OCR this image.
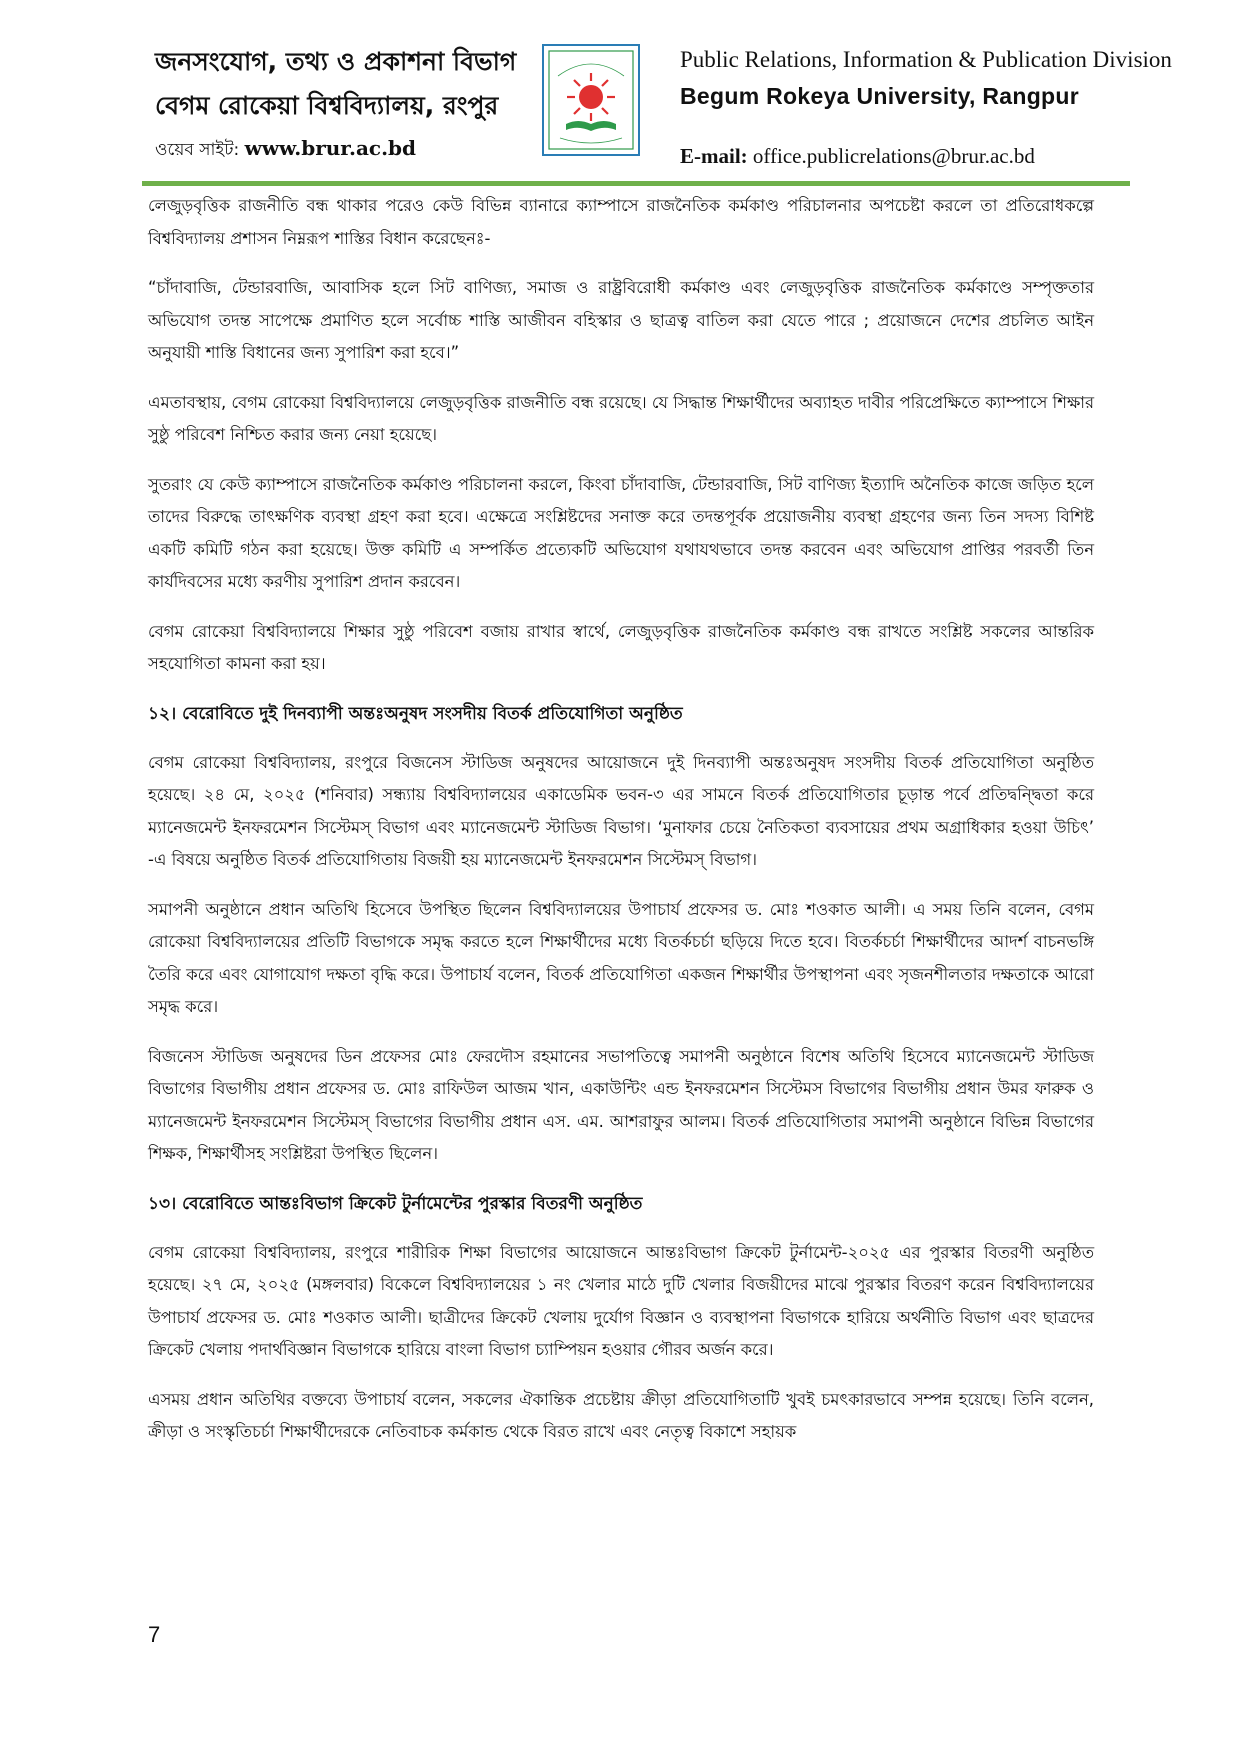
জনসংযোগ, তথ্য ও প্রকাশনা বিভাগ
বেগম রোকেয়া বিশ্ববিদ্যালয়, রংপুর
ওয়েব সাইট: www.brur.ac.bd
Public Relations, Information & Publication Division
Begum Rokeya University, Rangpur
E-mail: office.publicrelations@brur.ac.bd

লেজুড়বৃত্তিক রাজনীতি বন্ধ থাকার পরেও কেউ বিভিন্ন ব্যানারে ক্যাম্পাসে রাজনৈতিক কর্মকাণ্ড পরিচালনার অপচেষ্টা করলে তা প্রতিরোধকল্পে বিশ্ববিদ্যালয় প্রশাসন নিম্নরূপ শাস্তির বিধান করেছেনঃ-

“চাঁদাবাজি, টেন্ডারবাজি, আবাসিক হলে সিট বাণিজ্য, সমাজ ও রাষ্ট্রবিরোধী কর্মকাণ্ড এবং লেজুড়বৃত্তিক রাজনৈতিক কর্মকাণ্ডে সম্পৃক্ততার অভিযোগ তদন্ত সাপেক্ষে প্রমাণিত হলে সর্বোচ্চ শাস্তি আজীবন বহিস্কার ও ছাত্রত্ব বাতিল করা যেতে পারে ; প্রয়োজনে দেশের প্রচলিত আইন অনুযায়ী শাস্তি বিধানের জন্য সুপারিশ করা হবে।”

এমতাবস্থায়, বেগম রোকেয়া বিশ্ববিদ্যালয়ে লেজুড়বৃত্তিক রাজনীতি বন্ধ রয়েছে। যে সিদ্ধান্ত শিক্ষার্থীদের অব্যাহত দাবীর পরিপ্রেক্ষিতে ক্যাম্পাসে শিক্ষার সুষ্ঠু পরিবেশ নিশ্চিত করার জন্য নেয়া হয়েছে।

সুতরাং যে কেউ ক্যাম্পাসে রাজনৈতিক কর্মকাণ্ড পরিচালনা করলে, কিংবা চাঁদাবাজি, টেন্ডারবাজি, সিট বাণিজ্য ইত্যাদি অনৈতিক কাজে জড়িত হলে তাদের বিরুদ্ধে তাৎক্ষণিক ব্যবস্থা গ্রহণ করা হবে। এক্ষেত্রে সংশ্লিষ্টদের সনাক্ত করে তদন্তপূর্বক প্রয়োজনীয় ব্যবস্থা গ্রহণের জন্য তিন সদস্য বিশিষ্ট একটি কমিটি গঠন করা হয়েছে। উক্ত কমিটি এ সম্পর্কিত প্রত্যেকটি অভিযোগ যথাযথভাবে তদন্ত করবেন এবং অভিযোগ প্রাপ্তির পরবর্তী তিন কার্যদিবসের মধ্যে করণীয় সুপারিশ প্রদান করবেন।

বেগম রোকেয়া বিশ্ববিদ্যালয়ে শিক্ষার সুষ্ঠু পরিবেশ বজায় রাখার স্বার্থে, লেজুড়বৃত্তিক রাজনৈতিক কর্মকাণ্ড বন্ধ রাখতে সংশ্লিষ্ট সকলের আন্তরিক সহযোগিতা কামনা করা হয়।

১২। বেরোবিতে দুই দিনব্যাপী অন্তঃঅনুষদ সংসদীয় বিতর্ক প্রতিযোগিতা অনুষ্ঠিত

বেগম রোকেয়া বিশ্ববিদ্যালয়, রংপুরে বিজনেস স্টাডিজ অনুষদের আয়োজনে দুই দিনব্যাপী অন্তঃঅনুষদ সংসদীয় বিতর্ক প্রতিযোগিতা অনুষ্ঠিত হয়েছে। ২৪ মে, ২০২৫ (শনিবার) সন্ধ্যায় বিশ্ববিদ্যালয়ের একাডেমিক ভবন-৩ এর সামনে বিতর্ক প্রতিযোগিতার চূড়ান্ত পর্বে প্রতিদ্বন্দ্বিতা করে ম্যানেজমেন্ট ইনফরমেশন সিস্টেমস্ বিভাগ এবং ম্যানেজমেন্ট স্টাডিজ বিভাগ। ‘মুনাফার চেয়ে নৈতিকতা ব্যবসায়ের প্রথম অগ্রাধিকার হওয়া উচিৎ’ -এ বিষয়ে অনুষ্ঠিত বিতর্ক প্রতিযোগিতায় বিজয়ী হয় ম্যানেজমেন্ট ইনফরমেশন সিস্টেমস্ বিভাগ।

সমাপনী অনুষ্ঠানে প্রধান অতিথি হিসেবে উপস্থিত ছিলেন বিশ্ববিদ্যালয়ের উপাচার্য প্রফেসর ড. মোঃ শওকাত আলী। এ সময় তিনি বলেন, বেগম রোকেয়া বিশ্ববিদ্যালয়ের প্রতিটি বিভাগকে সমৃদ্ধ করতে হলে শিক্ষার্থীদের মধ্যে বিতর্কচর্চা ছড়িয়ে দিতে হবে। বিতর্কচর্চা শিক্ষার্থীদের আদর্শ বাচনভঙ্গি তৈরি করে এবং যোগাযোগ দক্ষতা বৃদ্ধি করে। উপাচার্য বলেন, বিতর্ক প্রতিযোগিতা একজন শিক্ষার্থীর উপস্থাপনা এবং সৃজনশীলতার দক্ষতাকে আরো সমৃদ্ধ করে।

বিজনেস স্টাডিজ অনুষদের ডিন প্রফেসর মোঃ ফেরদৌস রহমানের সভাপতিত্বে সমাপনী অনুষ্ঠানে বিশেষ অতিথি হিসেবে ম্যানেজমেন্ট স্টাডিজ বিভাগের বিভাগীয় প্রধান প্রফেসর ড. মোঃ রাফিউল আজম খান, একাউন্টিং এন্ড ইনফরমেশন সিস্টেমস বিভাগের বিভাগীয় প্রধান উমর ফারুক ও ম্যানেজমেন্ট ইনফরমেশন সিস্টেমস্ বিভাগের বিভাগীয় প্রধান এস. এম. আশরাফুর আলম। বিতর্ক প্রতিযোগিতার সমাপনী অনুষ্ঠানে বিভিন্ন বিভাগের শিক্ষক, শিক্ষার্থীসহ সংশ্লিষ্টরা উপস্থিত ছিলেন।

১৩। বেরোবিতে আন্তঃবিভাগ ক্রিকেট টুর্নামেন্টের পুরস্কার বিতরণী অনুষ্ঠিত

বেগম রোকেয়া বিশ্ববিদ্যালয়, রংপুরে শারীরিক শিক্ষা বিভাগের আয়োজনে আন্তঃবিভাগ ক্রিকেট টুর্নামেন্ট-২০২৫ এর পুরস্কার বিতরণী অনুষ্ঠিত হয়েছে। ২৭ মে, ২০২৫ (মঙ্গলবার) বিকেলে বিশ্ববিদ্যালয়ের ১ নং খেলার মাঠে দুটি খেলার বিজয়ীদের মাঝে পুরস্কার বিতরণ করেন বিশ্ববিদ্যালয়ের উপাচার্য প্রফেসর ড. মোঃ শওকাত আলী। ছাত্রীদের ক্রিকেট খেলায় দুর্যোগ বিজ্ঞান ও ব্যবস্থাপনা বিভাগকে হারিয়ে অর্থনীতি বিভাগ এবং ছাত্রদের ক্রিকেট খেলায় পদার্থবিজ্ঞান বিভাগকে হারিয়ে বাংলা বিভাগ চ্যাম্পিয়ন হওয়ার গৌরব অর্জন করে।

এসময় প্রধান অতিথির বক্তব্যে উপাচার্য বলেন, সকলের ঐকান্তিক প্রচেষ্টায় ক্রীড়া প্রতিযোগিতাটি খুবই চমৎকারভাবে সম্পন্ন হয়েছে। তিনি বলেন, ক্রীড়া ও সংস্কৃতিচর্চা শিক্ষার্থীদেরকে নেতিবাচক কর্মকান্ড থেকে বিরত রাখে এবং নেতৃত্ব বিকাশে সহায়ক

7
